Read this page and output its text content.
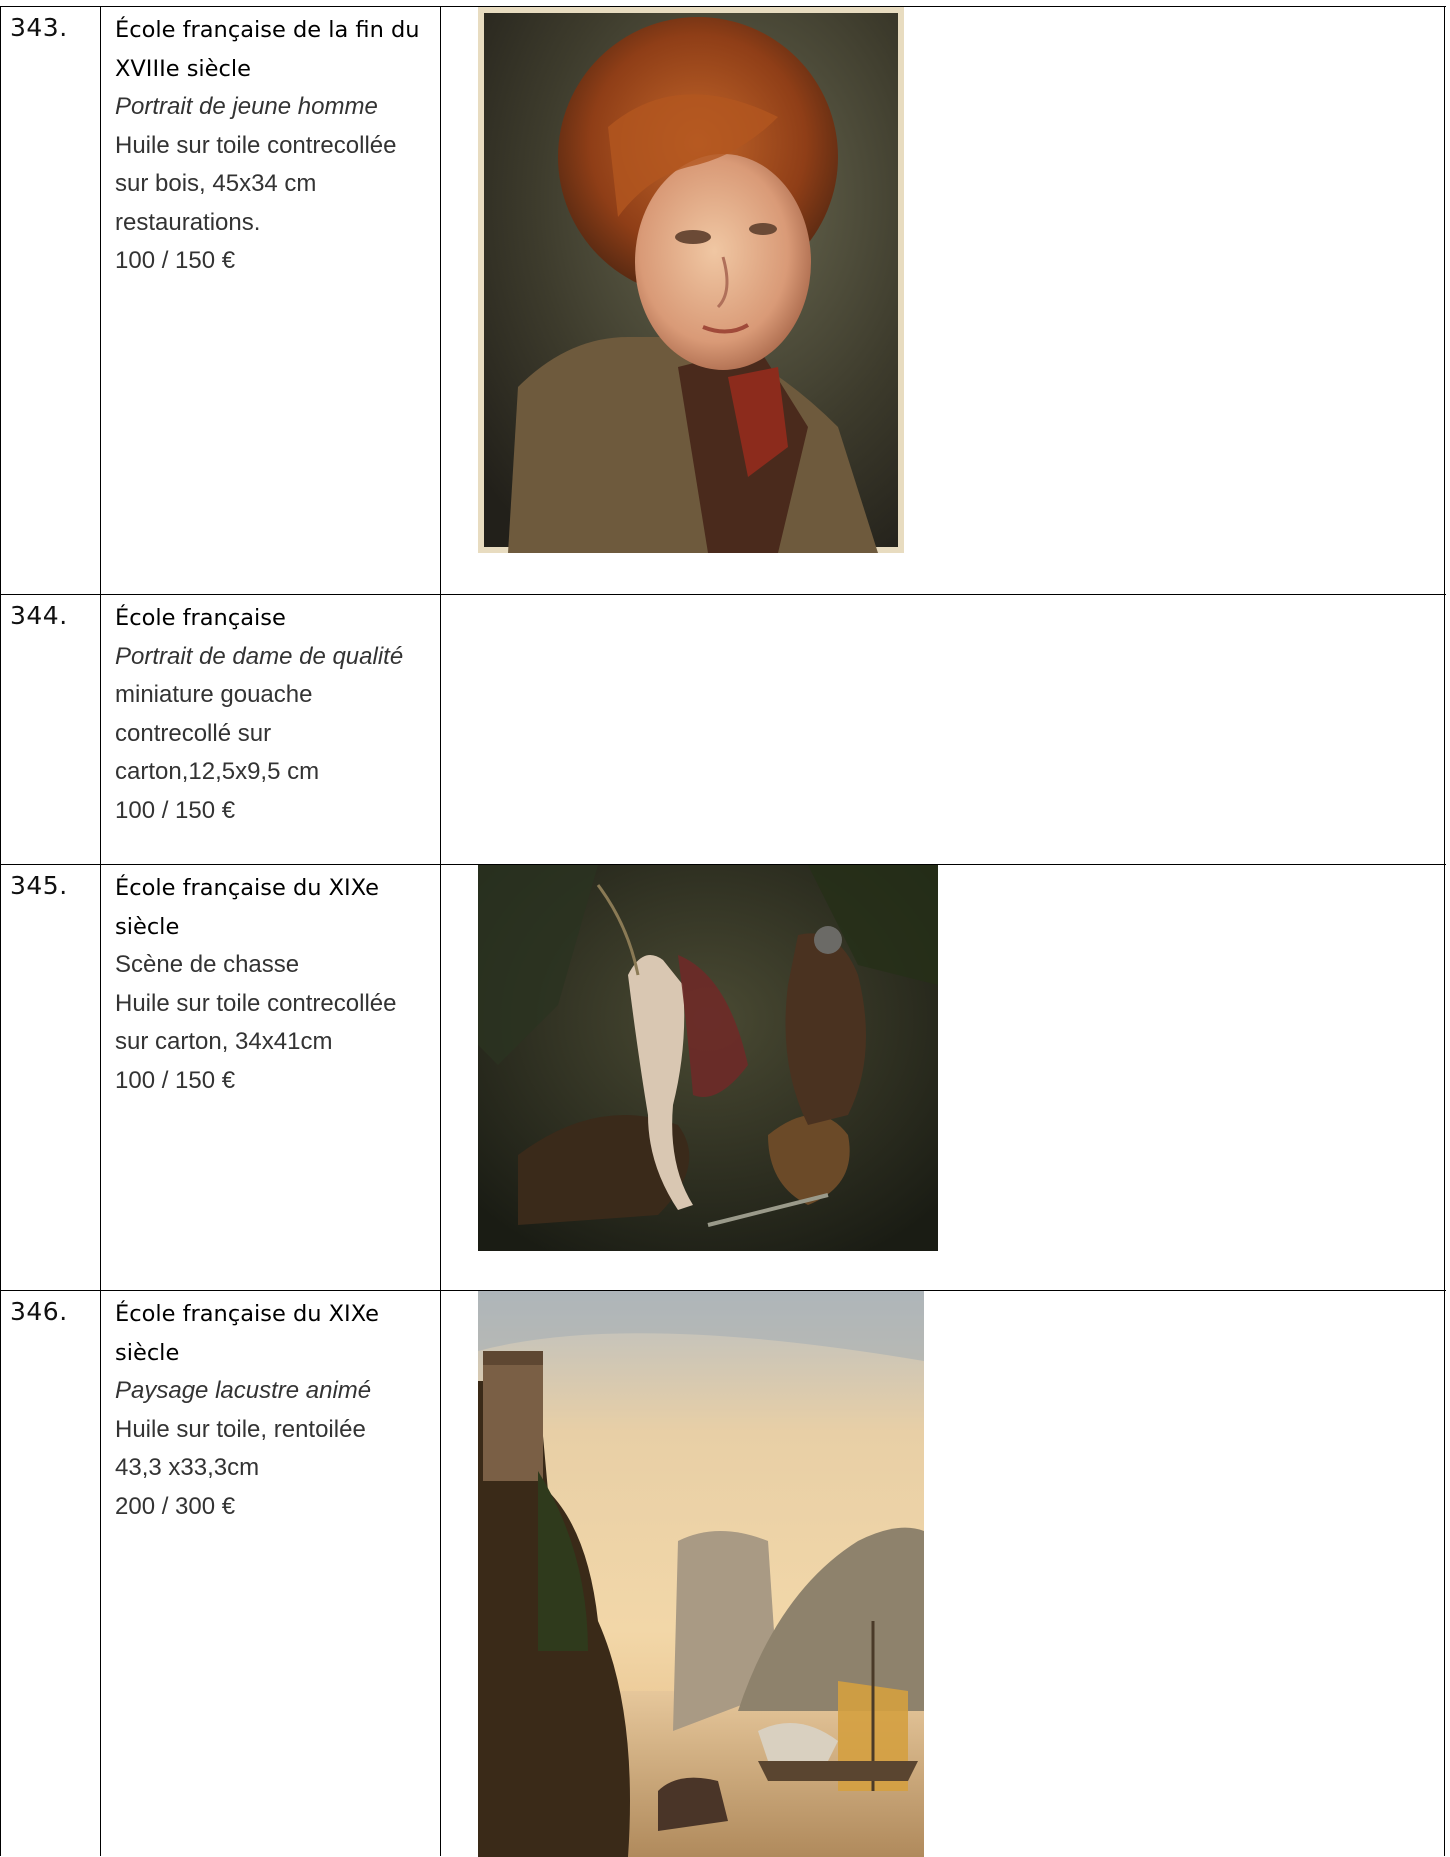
343. École française de la fin du
XVIIIe siècle
Portrait de jeune homme
Huile sur toile contrecollée
sur bois, 45x34 cm
restaurations.
100 / 150 €
344. École française
Portrait de dame de qualité
miniature gouache
contrecollé sur
carton,12,5x9,5 cm
100 / 150 €
345. École française du XIXe
siècle
Scène de chasse
Huile sur toile contrecollée
sur carton, 34x41cm
100 / 150 €
346. École française du XIXe
siècle
Paysage lacustre animé
Huile sur toile, rentoilée
43,3 x33,3cm
200 / 300 €
